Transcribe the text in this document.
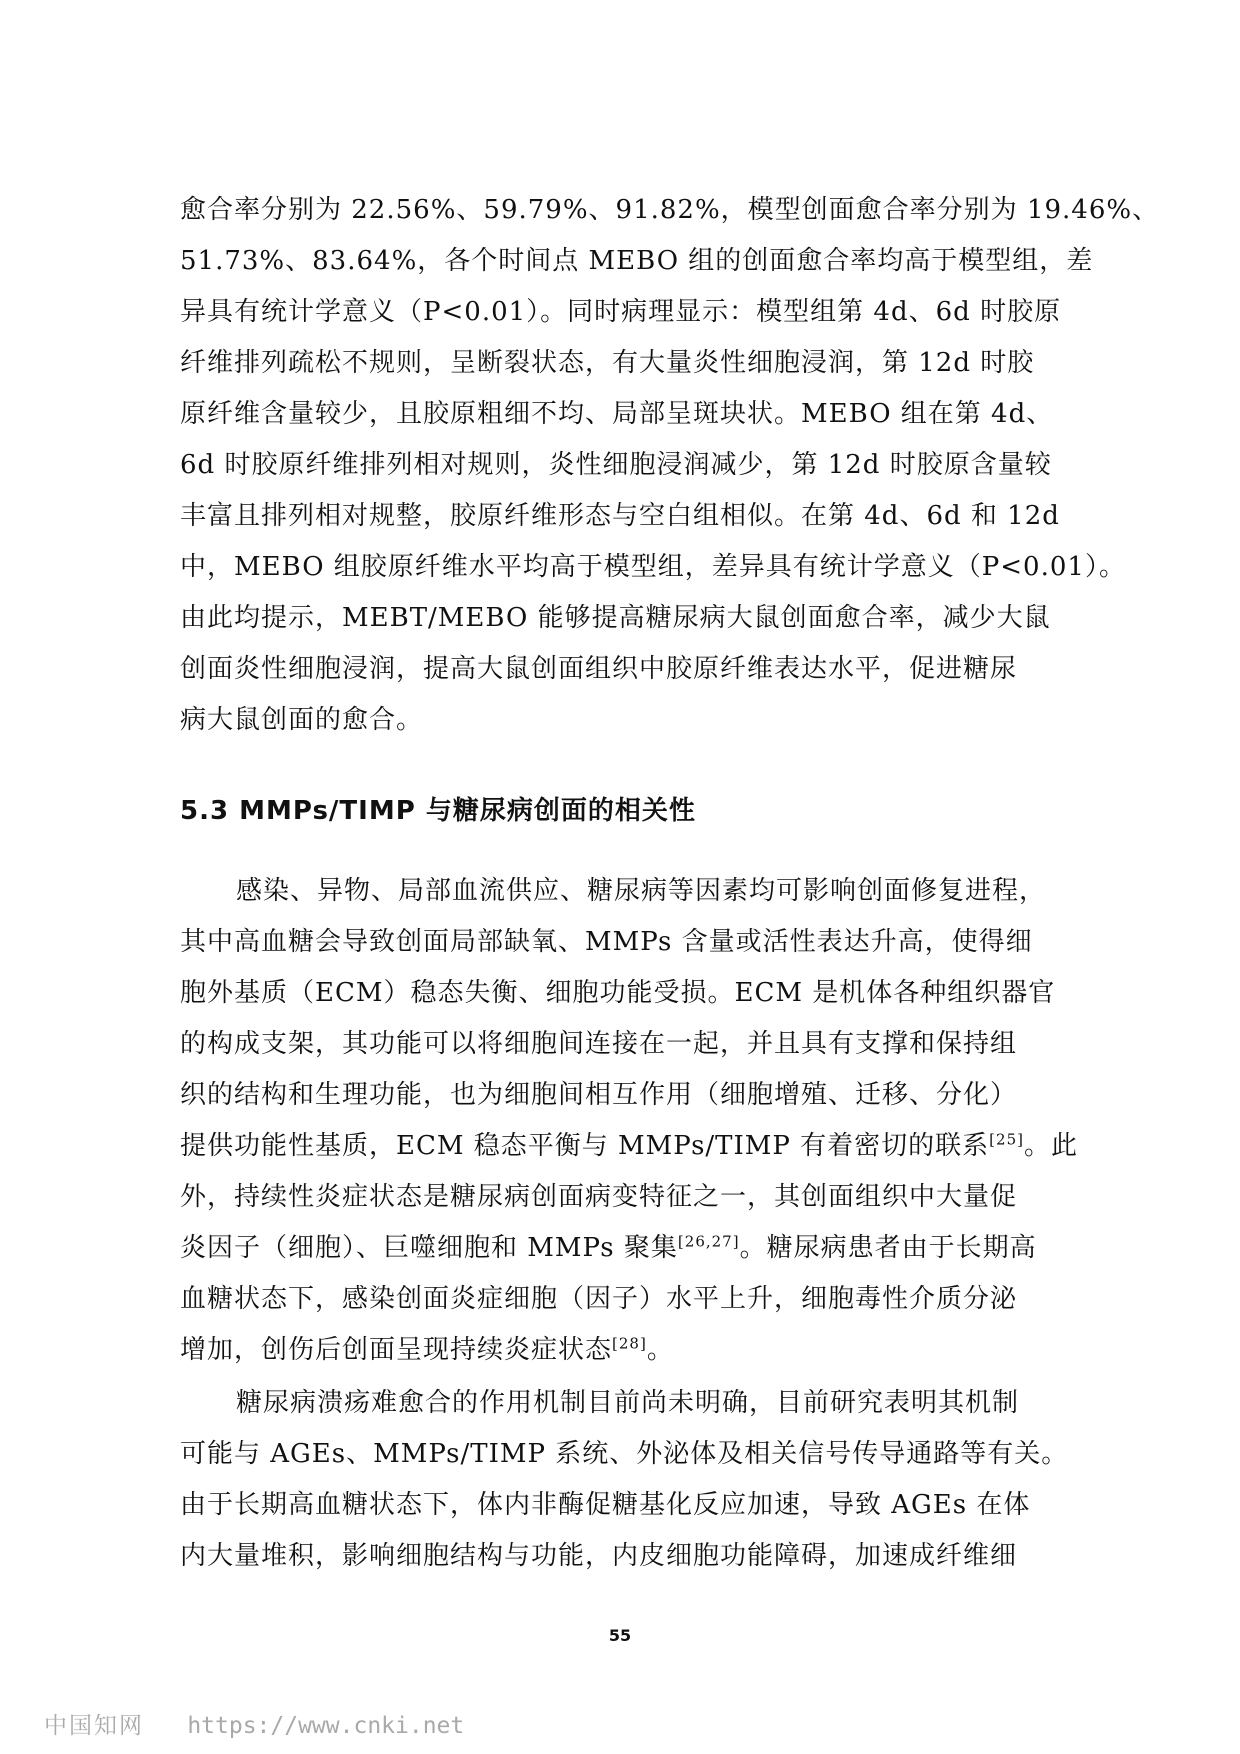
愈合率分别为 22.56%、59.79%、91.82%，模型创面愈合率分别为 19.46%、
51.73%、83.64%，各个时间点 MEBO 组的创面愈合率均高于模型组，差
异具有统计学意义（P<0.01）。同时病理显示：模型组第 4d、6d 时胶原
纤维排列疏松不规则，呈断裂状态，有大量炎性细胞浸润，第 12d 时胶
原纤维含量较少，且胶原粗细不均、局部呈斑块状。MEBO 组在第 4d、
6d 时胶原纤维排列相对规则，炎性细胞浸润减少，第 12d 时胶原含量较
丰富且排列相对规整，胶原纤维形态与空白组相似。在第 4d、6d 和 12d
中，MEBO 组胶原纤维水平均高于模型组，差异具有统计学意义（P<0.01）。
由此均提示，MEBT/MEBO 能够提高糖尿病大鼠创面愈合率，减少大鼠
创面炎性细胞浸润，提高大鼠创面组织中胶原纤维表达水平，促进糖尿
病大鼠创面的愈合。
5.3 MMPs/TIMP 与糖尿病创面的相关性
感染、异物、局部血流供应、糖尿病等因素均可影响创面修复进程，
其中高血糖会导致创面局部缺氧、MMPs 含量或活性表达升高，使得细
胞外基质（ECM）稳态失衡、细胞功能受损。ECM 是机体各种组织器官
的构成支架，其功能可以将细胞间连接在一起，并且具有支撑和保持组
织的结构和生理功能，也为细胞间相互作用（细胞增殖、迁移、分化）
提供功能性基质，ECM 稳态平衡与 MMPs/TIMP 有着密切的联系[25]。此
外，持续性炎症状态是糖尿病创面病变特征之一，其创面组织中大量促
炎因子（细胞）、巨噬细胞和 MMPs 聚集[26,27]。糖尿病患者由于长期高
血糖状态下，感染创面炎症细胞（因子）水平上升，细胞毒性介质分泌
增加，创伤后创面呈现持续炎症状态[28]。
糖尿病溃疡难愈合的作用机制目前尚未明确，目前研究表明其机制
可能与 AGEs、MMPs/TIMP 系统、外泌体及相关信号传导通路等有关。
由于长期高血糖状态下，体内非酶促糖基化反应加速，导致 AGEs 在体
内大量堆积，影响细胞结构与功能，内皮细胞功能障碍，加速成纤维细
55
中国知网 https://www.cnki.net
